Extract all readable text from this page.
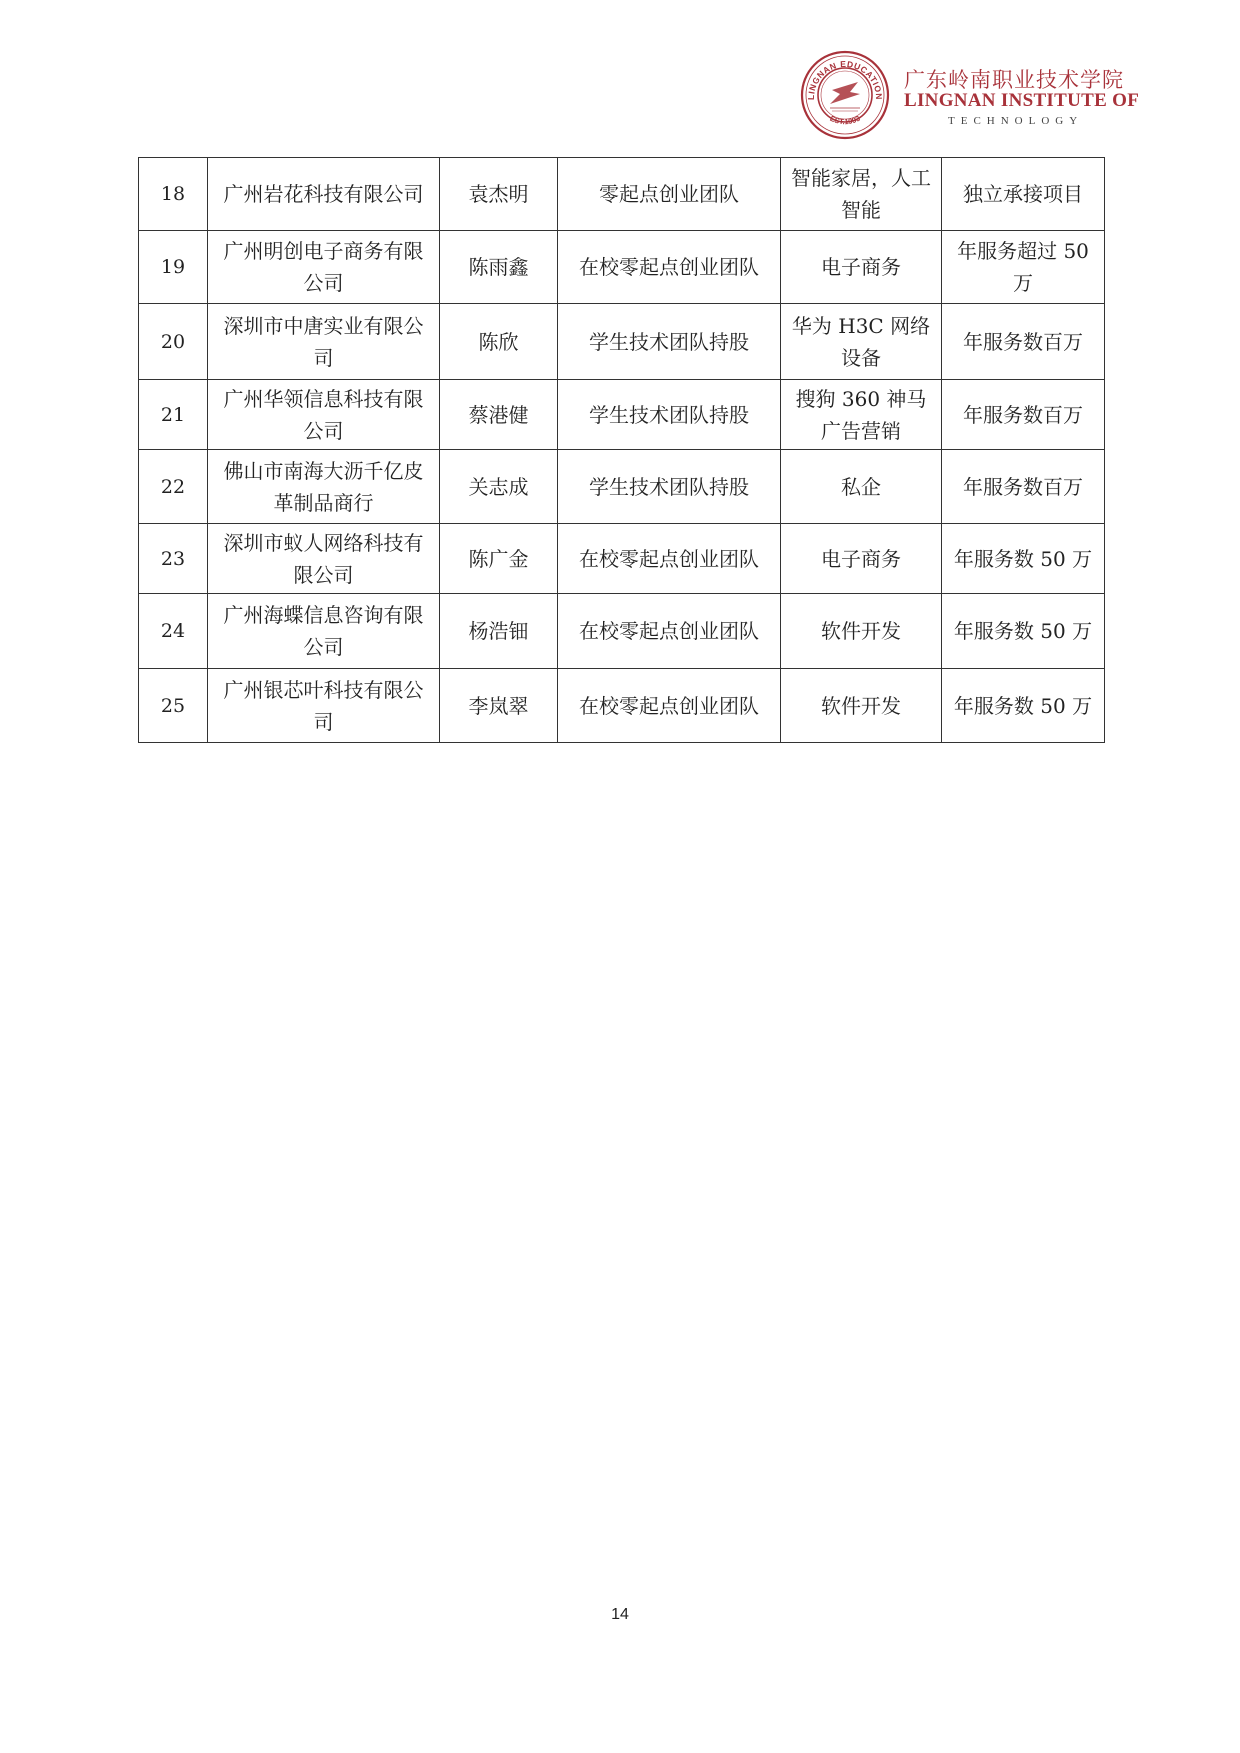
LINGNAN EDUCATION
EST.1993
广东岭南职业技术学院
LINGNAN INSTITUTE OF
TECHNOLOGY
18	广州岩花科技有限公司	袁杰明	零起点创业团队	智能家居，人工智能	独立承接项目
19	广州明创电子商务有限公司	陈雨鑫	在校零起点创业团队	电子商务	年服务超过 50 万
20	深圳市中唐实业有限公司	陈欣	学生技术团队持股	华为 H3C 网络设备	年服务数百万
21	广州华领信息科技有限公司	蔡港健	学生技术团队持股	搜狗 360 神马广告营销	年服务数百万
22	佛山市南海大沥千亿皮革制品商行	关志成	学生技术团队持股	私企	年服务数百万
23	深圳市蚁人网络科技有限公司	陈广金	在校零起点创业团队	电子商务	年服务数 50 万
24	广州海蝶信息咨询有限公司	杨浩钿	在校零起点创业团队	软件开发	年服务数 50 万
25	广州银芯叶科技有限公司	李岚翠	在校零起点创业团队	软件开发	年服务数 50 万
14
